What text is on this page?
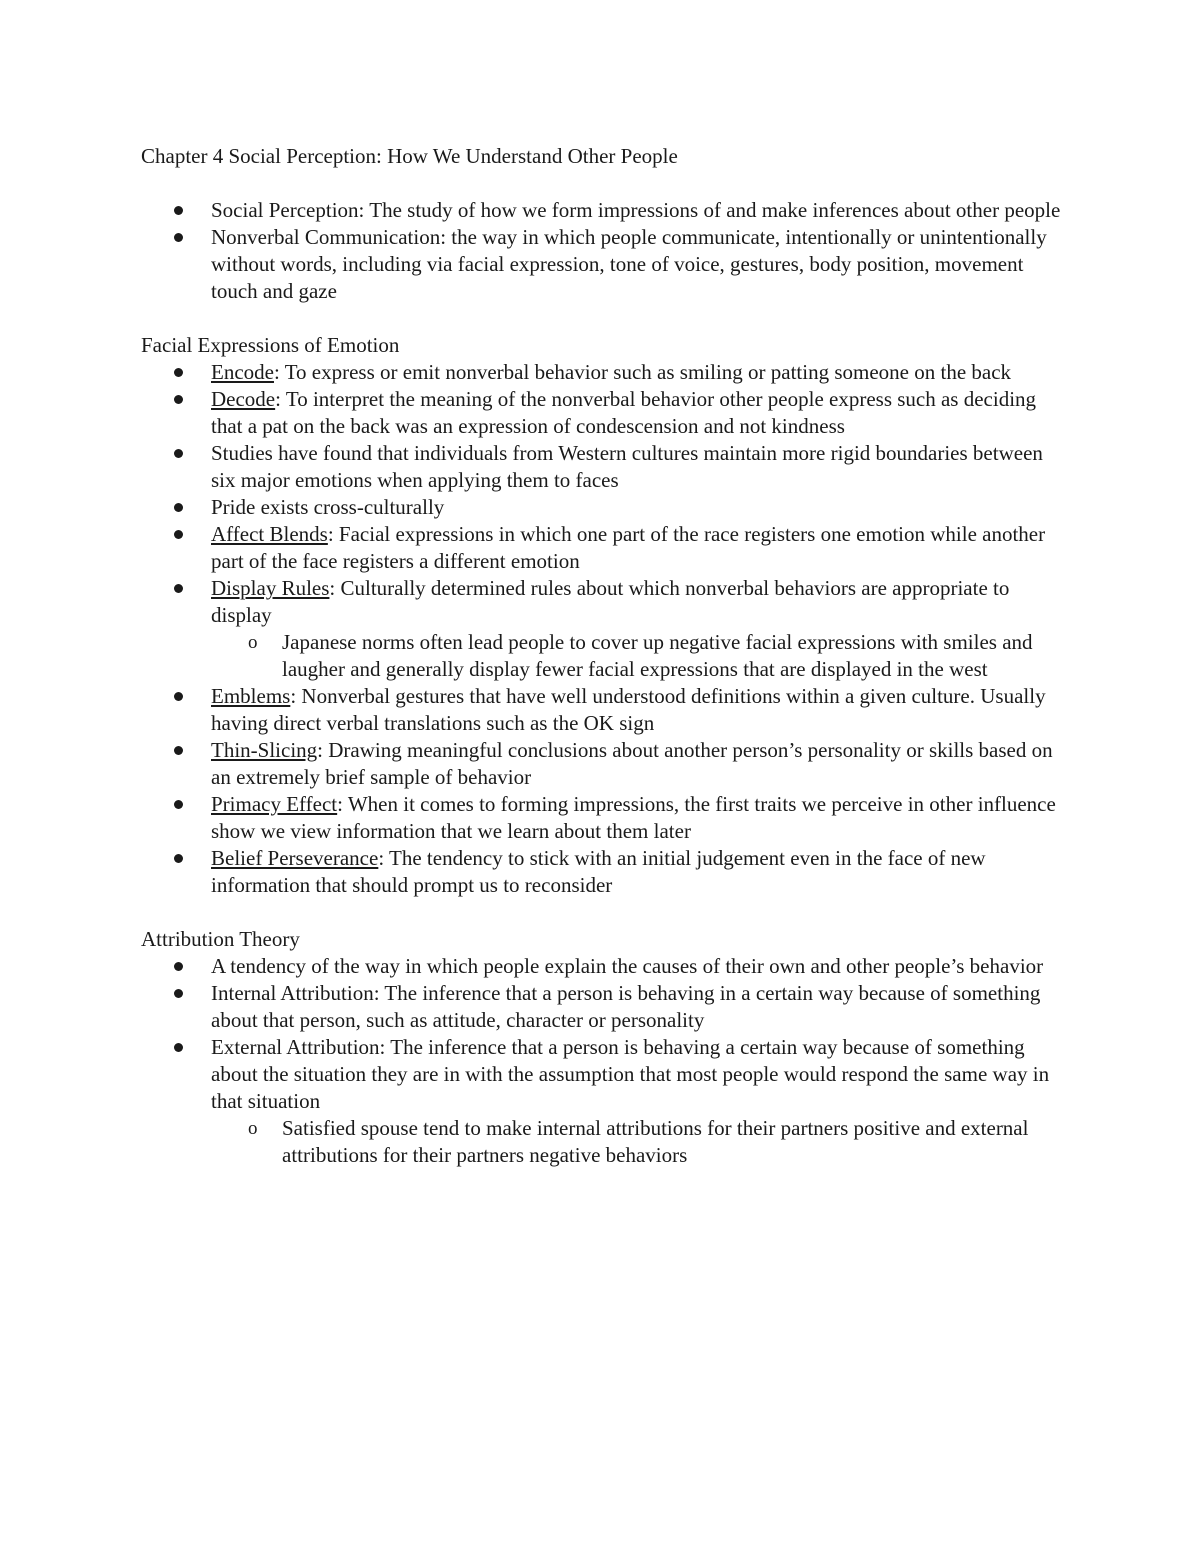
Chapter 4 Social Perception: How We Understand Other People

Social Perception: The study of how we form impressions of and make inferences about other people
Nonverbal Communication: the way in which people communicate, intentionally or unintentionally without words, including via facial expression, tone of voice, gestures, body position, movement touch and gaze

Facial Expressions of Emotion

Encode: To express or emit nonverbal behavior such as smiling or patting someone on the back
Decode: To interpret the meaning of the nonverbal behavior other people express such as deciding that a pat on the back was an expression of condescension and not kindness
Studies have found that individuals from Western cultures maintain more rigid boundaries between six major emotions when applying them to faces
Pride exists cross-culturally
Affect Blends: Facial expressions in which one part of the race registers one emotion while another part of the face registers a different emotion
Display Rules: Culturally determined rules about which nonverbal behaviors are appropriate to display
o Japanese norms often lead people to cover up negative facial expressions with smiles and laugher and generally display fewer facial expressions that are displayed in the west
Emblems: Nonverbal gestures that have well understood definitions within a given culture. Usually having direct verbal translations such as the OK sign
Thin-Slicing: Drawing meaningful conclusions about another person’s personality or skills based on an extremely brief sample of behavior
Primacy Effect: When it comes to forming impressions, the first traits we perceive in other influence show we view information that we learn about them later
Belief Perseverance: The tendency to stick with an initial judgement even in the face of new information that should prompt us to reconsider

Attribution Theory

A tendency of the way in which people explain the causes of their own and other people’s behavior
Internal Attribution: The inference that a person is behaving in a certain way because of something about that person, such as attitude, character or personality
External Attribution: The inference that a person is behaving a certain way because of something about the situation they are in with the assumption that most people would respond the same way in that situation
o Satisfied spouse tend to make internal attributions for their partners positive and external attributions for their partners negative behaviors
